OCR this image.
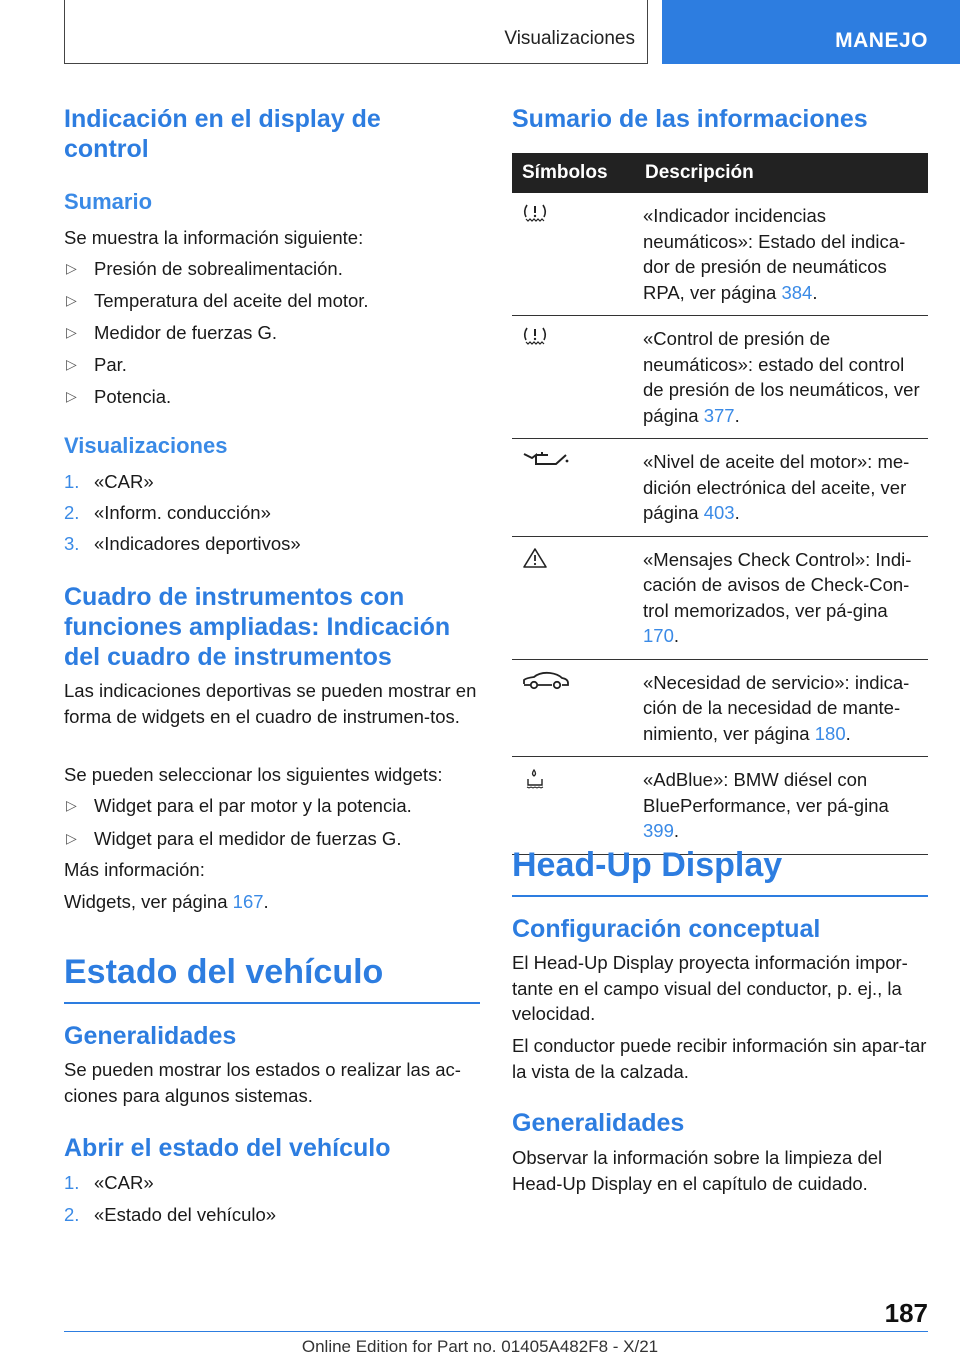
Visualizaciones	MANEJO
Indicación en el display de control
Sumario

Se muestra la información siguiente:

▷ Presión de sobrealimentación.
▷ Temperatura del aceite del motor.
▷ Medidor de fuerzas G.
▷ Par.
▷ Potencia.
Visualizaciones
1. «CAR»
2. «Inform. conducción»
3. «Indicadores deportivos»
Cuadro de instrumentos con funciones ampliadas: Indicación del cuadro de instrumentos

Las indicaciones deportivas se pueden mostrar en forma de widgets en el cuadro de instrumen-tos.

Se pueden seleccionar los siguientes widgets:

▷ Widget para el par motor y la potencia.
▷ Widget para el medidor de fuerzas G.

Más información:

Widgets, ver página 167.

Estado del vehículo
Generalidades

Se pueden mostrar los estados o realizar las ac-ciones para algunos sistemas.

Abrir el estado del vehículo
1. «CAR»
2. «Estado del vehículo»
Sumario de las informaciones
Símbolos	Descripción

	«Indicador incidencias neumáticos»: Estado del indica-dor de presión de neumáticos RPA, ver página 384.

	«Control de presión de neumáticos»: estado del control de presión de los neumáticos, ver página 377.

	«Nivel de aceite del motor»: me-dición electrónica del aceite, ver página 403.

	«Mensajes Check Control»: Indi-cación de avisos de Check-Con-trol memorizados, ver pá-gina 170.

	«Necesidad de servicio»: indica-ción de la necesidad de mante-nimiento, ver página 180.

	«AdBlue»: BMW diésel con BluePerformance, ver pá-gina 399.
Head-Up Display
Configuración conceptual

El Head-Up Display proyecta información impor-tante en el campo visual del conductor, p. ej., la velocidad.

El conductor puede recibir información sin apar-tar la vista de la calzada.

Generalidades

Observar la información sobre la limpieza del Head-Up Display en el capítulo de cuidado.

187
Online Edition for Part no. 01405A482F8 - X/21
